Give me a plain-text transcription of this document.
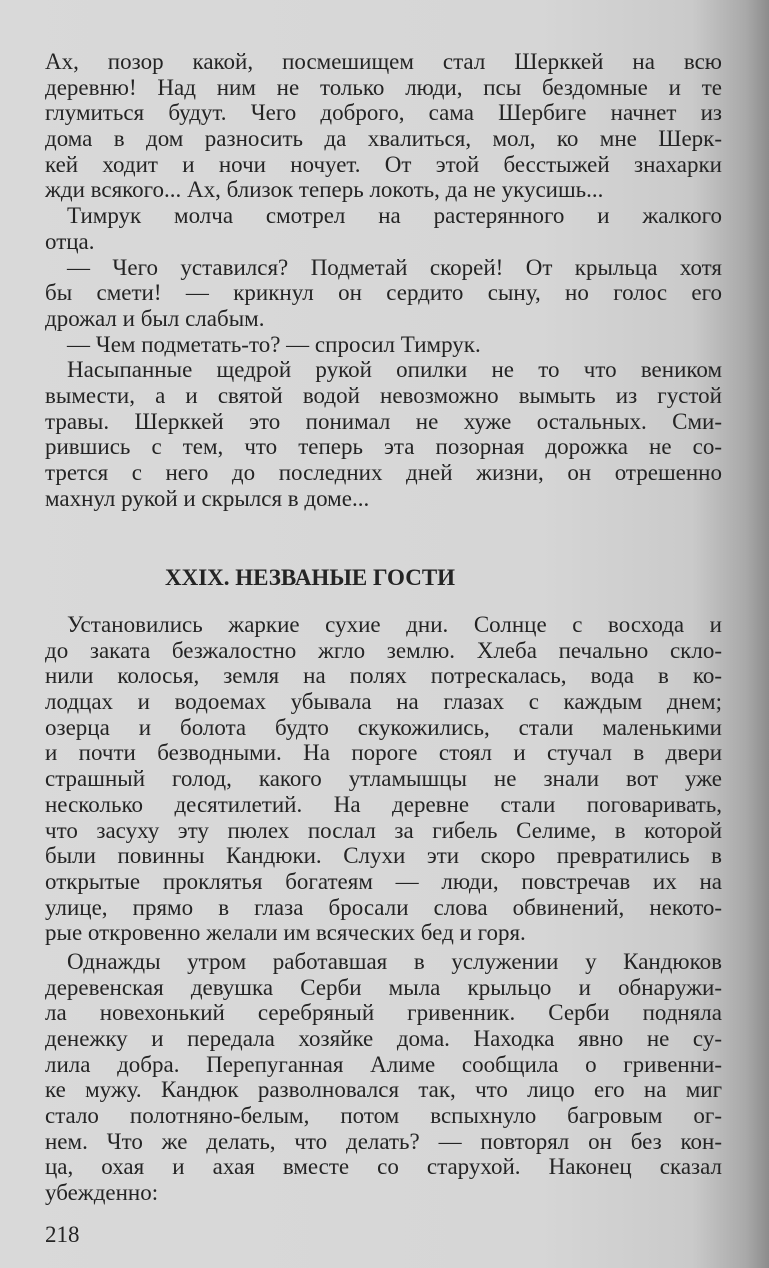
Ах, позор какой, посмешищем стал Шерккей на всю
деревню! Над ним не только люди, псы бездомные и те
глумиться будут. Чего доброго, сама Шербиге начнет из
дома в дом разносить да хвалиться, мол, ко мне Шерк-
кей ходит и ночи ночует. От этой бесстыжей знахарки
жди всякого... Ах, близок теперь локоть, да не укусишь...
Тимрук молча смотрел на растерянного и жалкого
отца.
— Чего уставился? Подметай скорей! От крыльца хотя
бы смети! — крикнул он сердито сыну, но голос его
дрожал и был слабым.
— Чем подметать-то? — спросил Тимрук.
Насыпанные щедрой рукой опилки не то что веником
вымести, а и святой водой невозможно вымыть из густой
травы. Шерккей это понимал не хуже остальных. Сми-
рившись с тем, что теперь эта позорная дорожка не со-
трется с него до последних дней жизни, он отрешенно
махнул рукой и скрылся в доме...
XXIX. НЕЗВАНЫЕ ГОСТИ
Установились жаркие сухие дни. Солнце с восхода и
до заката безжалостно жгло землю. Хлеба печально скло-
нили колосья, земля на полях потрескалась, вода в ко-
лодцах и водоемах убывала на глазах с каждым днем;
озерца и болота будто скукожились, стали маленькими
и почти безводными. На пороге стоял и стучал в двери
страшный голод, какого утламышцы не знали вот уже
несколько десятилетий. На деревне стали поговаривать,
что засуху эту пюлех послал за гибель Селиме, в которой
были повинны Кандюки. Слухи эти скоро превратились в
открытые проклятья богатеям — люди, повстречав их на
улице, прямо в глаза бросали слова обвинений, некото-
рые откровенно желали им всяческих бед и горя.
Однажды утром работавшая в услужении у Кандюков
деревенская девушка Серби мыла крыльцо и обнаружи-
ла новехонький серебряный гривенник. Серби подняла
денежку и передала хозяйке дома. Находка явно не су-
лила добра. Перепуганная Алиме сообщила о гривенни-
ке мужу. Кандюк разволновался так, что лицо его на миг
стало полотняно-белым, потом вспыхнуло багровым ог-
нем. Что же делать, что делать? — повторял он без кон-
ца, охая и ахая вместе со старухой. Наконец сказал
убежденно:
218
